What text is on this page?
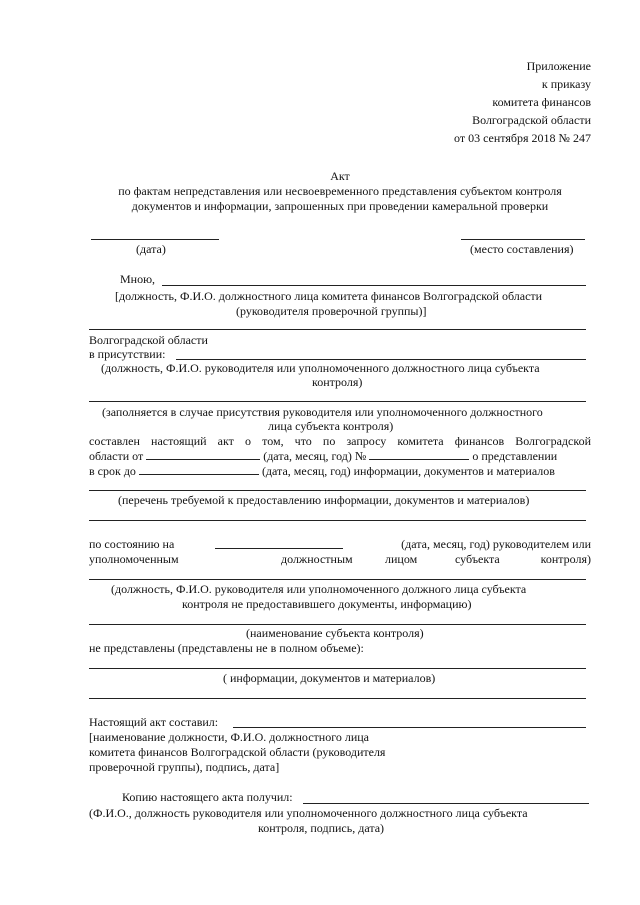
Приложение
к приказу
комитета финансов
Волгоградской области
от 03 сентября 2018 № 247
Акт
по фактам непредставления или несвоевременного представления субъектом контроля
документов и информации, запрошенных при проведении камеральной проверки
(дата)	(место составления)
Мною,
[должность, Ф.И.О. должностного лица комитета финансов Волгоградской области
(руководителя проверочной группы)]
Волгоградской области
в присутствии:
(должность, Ф.И.О. руководителя или уполномоченного должностного лица субъекта
контроля)
(заполняется в случае присутствия руководителя или уполномоченного должностного
лица субъекта контроля)
составлен настоящий акт о том, что по запросу комитета финансов Волгоградской
области от	(дата, месяц, год) №	о представлении
в срок до	(дата, месяц, год) информации, документов и материалов
(перечень требуемой к предоставлению информации, документов и материалов)
по состоянию на	(дата, месяц, год) руководителем или
уполномоченным	должностным	лицом	субъекта	контроля)
(должность, Ф.И.О. руководителя или уполномоченного должного лица субъекта
контроля не предоставившего документы, информацию)
(наименование субъекта контроля)
не представлены (представлены не в полном объеме):
( информации, документов и материалов)
Настоящий акт составил:
[наименование должности, Ф.И.О. должностного лица
комитета финансов Волгоградской области (руководителя
проверочной группы), подпись, дата]
Копию настоящего акта получил:
(Ф.И.О., должность руководителя или уполномоченного должностного лица субъекта
контроля, подпись, дата)
